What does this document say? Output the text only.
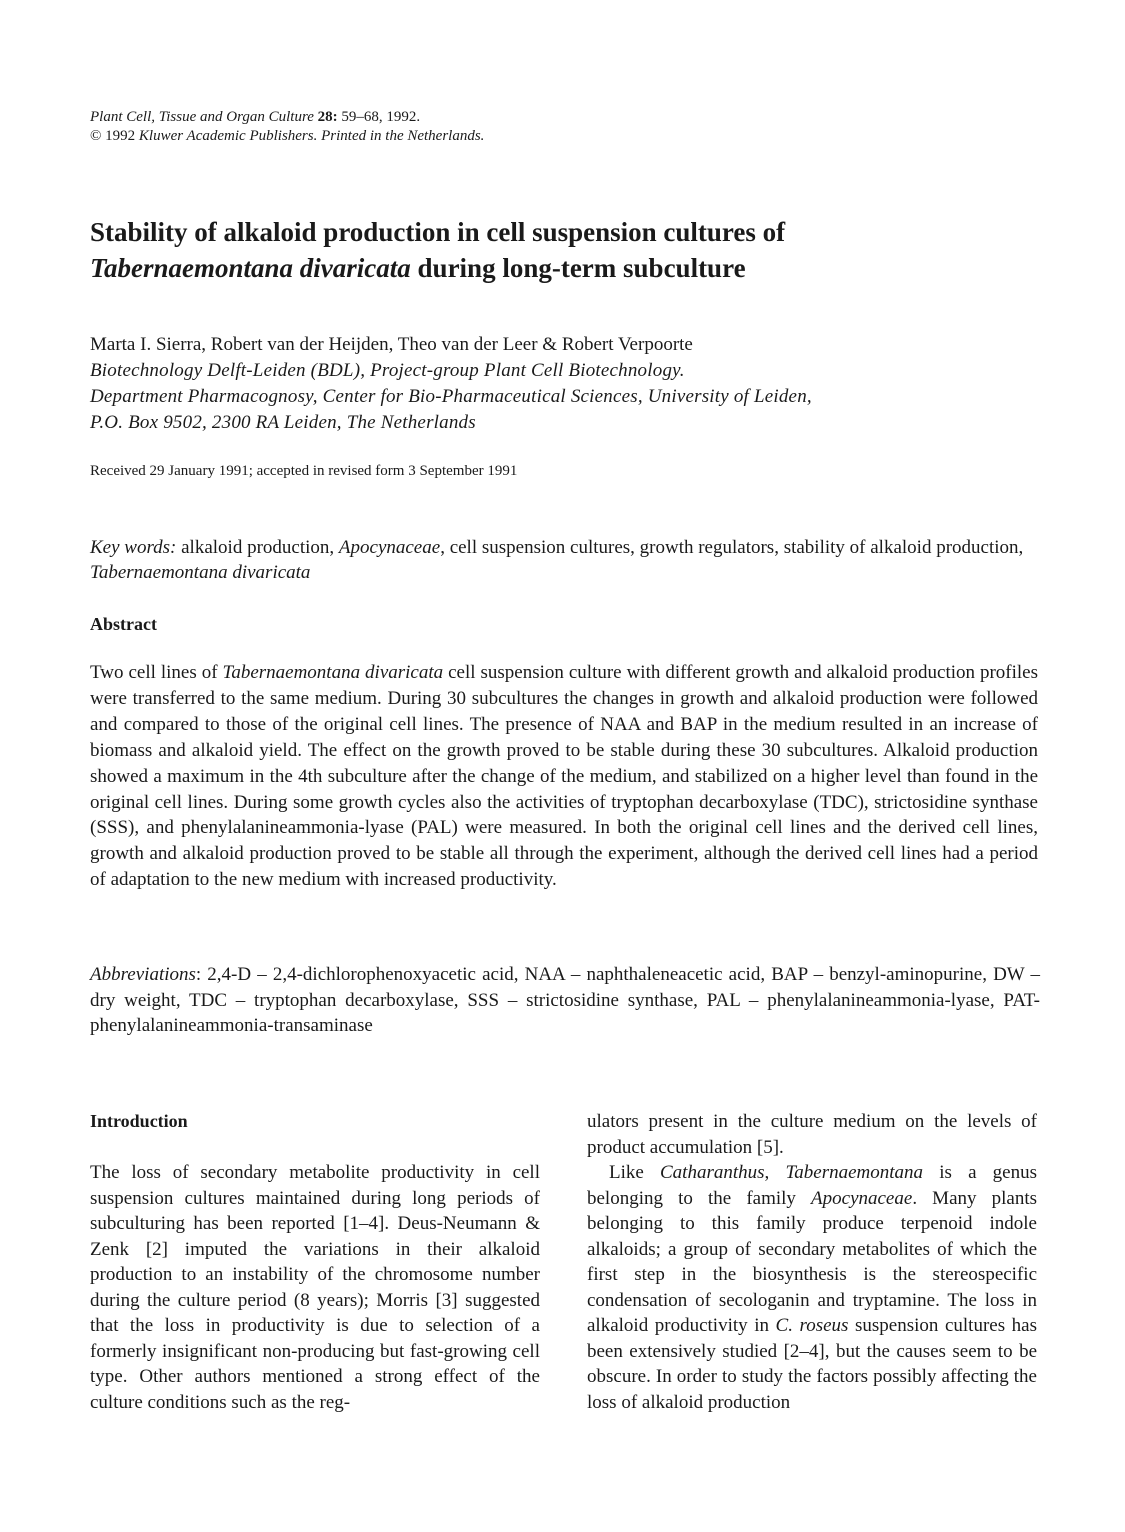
Plant Cell, Tissue and Organ Culture 28: 59–68, 1992.
© 1992 Kluwer Academic Publishers. Printed in the Netherlands.
Stability of alkaloid production in cell suspension cultures of
Tabernaemontana divaricata during long-term subculture
Marta I. Sierra, Robert van der Heijden, Theo van der Leer & Robert Verpoorte
Biotechnology Delft-Leiden (BDL), Project-group Plant Cell Biotechnology.
Department Pharmacognosy, Center for Bio-Pharmaceutical Sciences, University of Leiden,
P.O. Box 9502, 2300 RA Leiden, The Netherlands
Received 29 January 1991; accepted in revised form 3 September 1991
Key words: alkaloid production, Apocynaceae, cell suspension cultures, growth regulators, stability of alkaloid production, Tabernaemontana divaricata
Abstract
Two cell lines of Tabernaemontana divaricata cell suspension culture with different growth and alkaloid production profiles were transferred to the same medium. During 30 subcultures the changes in growth and alkaloid production were followed and compared to those of the original cell lines. The presence of NAA and BAP in the medium resulted in an increase of biomass and alkaloid yield. The effect on the growth proved to be stable during these 30 subcultures. Alkaloid production showed a maximum in the 4th subculture after the change of the medium, and stabilized on a higher level than found in the original cell lines. During some growth cycles also the activities of tryptophan decarboxylase (TDC), strictosidine synthase (SSS), and phenylalanineammonia-lyase (PAL) were measured. In both the original cell lines and the derived cell lines, growth and alkaloid production proved to be stable all through the experiment, although the derived cell lines had a period of adaptation to the new medium with increased productivity.
Abbreviations: 2,4-D – 2,4-dichlorophenoxyacetic acid, NAA – naphthaleneacetic acid, BAP – benzyl-aminopurine, DW – dry weight, TDC – tryptophan decarboxylase, SSS – strictosidine synthase, PAL – phenylalanineammonia-lyase, PAT-phenylalanineammonia-transaminase
Introduction

The loss of secondary metabolite productivity in cell suspension cultures maintained during long periods of subculturing has been reported [1–4]. Deus-Neumann & Zenk [2] imputed the variations in their alkaloid production to an instability of the chromosome number during the culture period (8 years); Morris [3] suggested that the loss in productivity is due to selection of a formerly insignificant non-producing but fast-growing cell type. Other authors mentioned a strong effect of the culture conditions such as the reg-

ulators present in the culture medium on the levels of product accumulation [5].

Like Catharanthus, Tabernaemontana is a genus belonging to the family Apocynaceae. Many plants belonging to this family produce terpenoid indole alkaloids; a group of secondary metabolites of which the first step in the biosynthesis is the stereospecific condensation of secologanin and tryptamine. The loss in alkaloid productivity in C. roseus suspension cultures has been extensively studied [2–4], but the causes seem to be obscure. In order to study the factors possibly affecting the loss of alkaloid production
